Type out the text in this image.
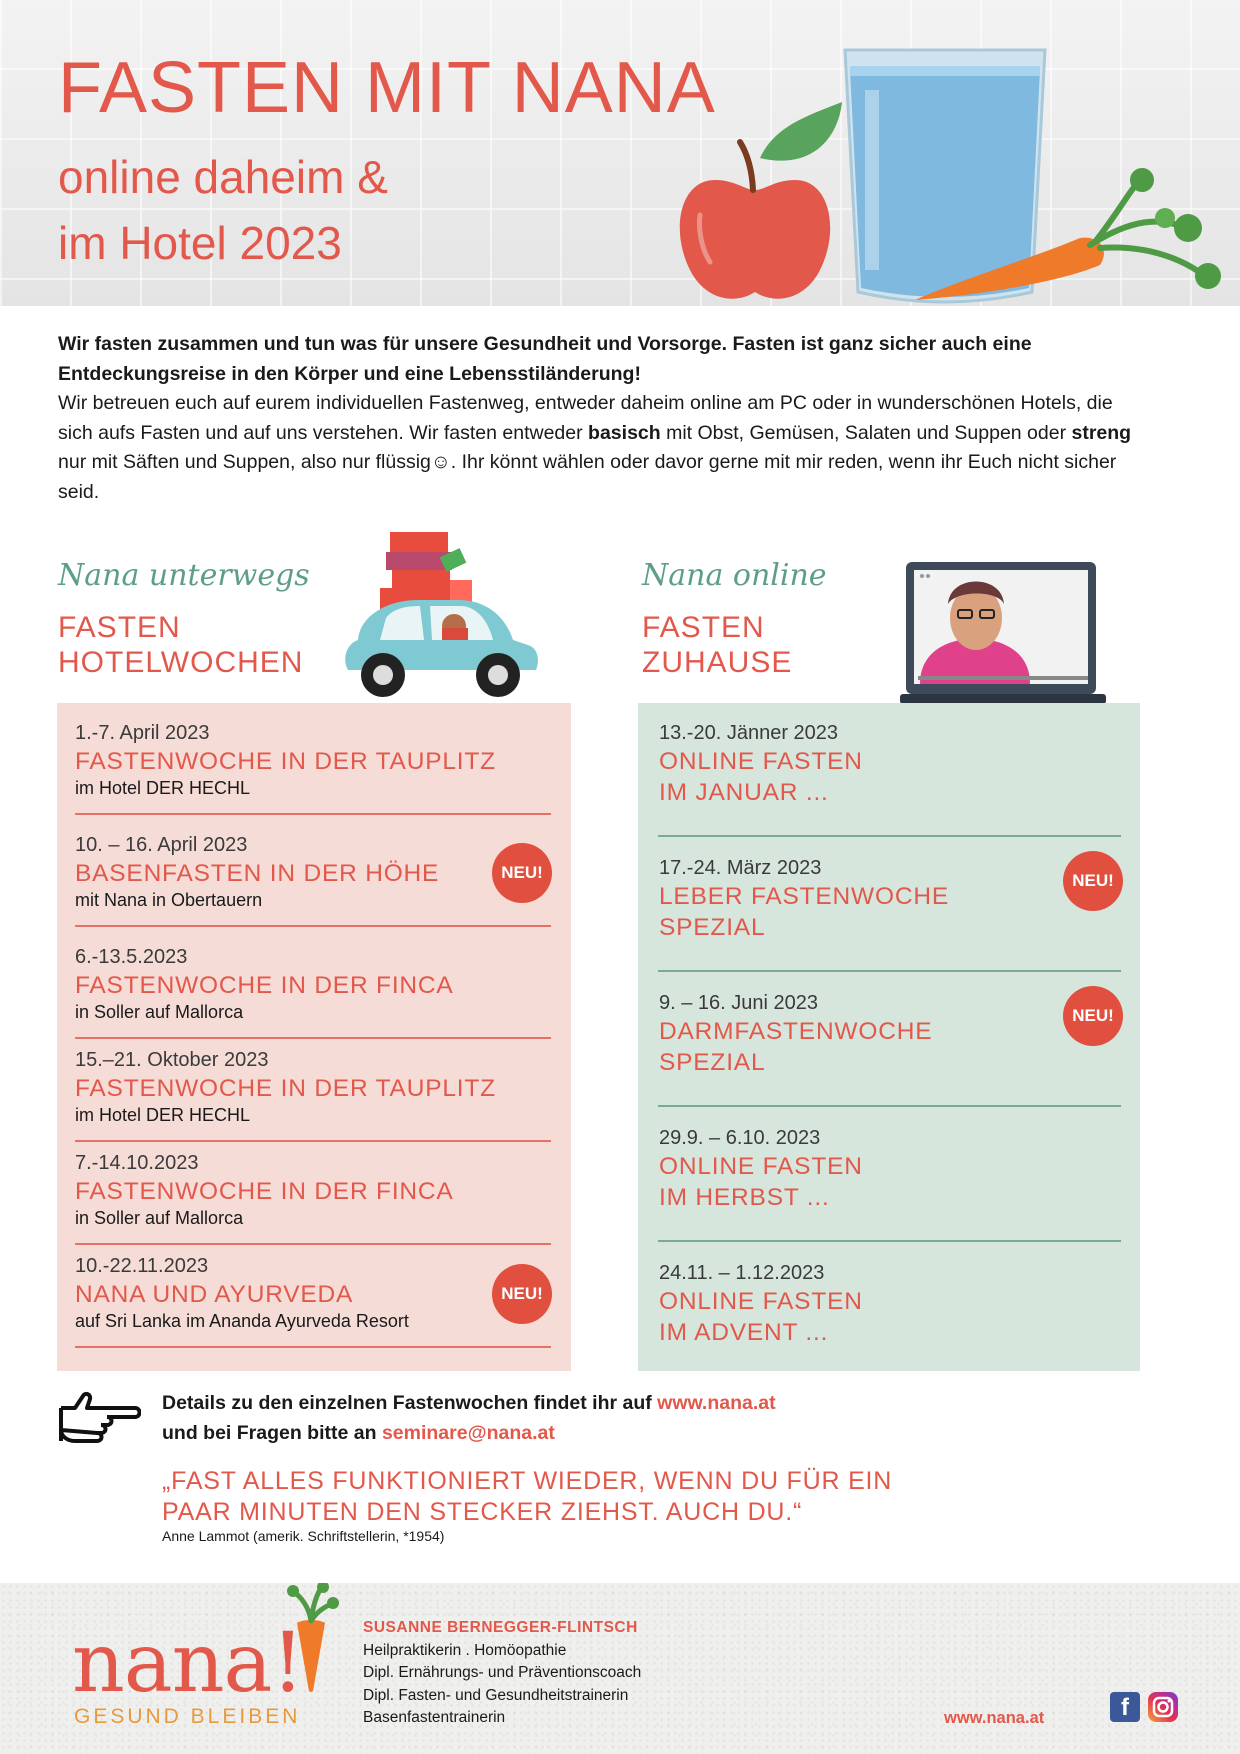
FASTEN MIT NANA
online daheim &
im Hotel 2023

Wir fasten zusammen und tun was für unsere Gesundheit und Vorsorge. Fasten ist ganz sicher auch eine Entdeckungsreise in den Körper und eine Lebensstiländerung!

Wir betreuen euch auf eurem individuellen Fastenweg, entweder daheim online am PC oder in wunderschönen Hotels, die sich aufs Fasten und auf uns verstehen. Wir fasten entweder basisch mit Obst, Gemüsen, Salaten und Suppen oder streng nur mit Säften und Suppen, also nur flüssig☺. Ihr könnt wählen oder davor gerne mit mir reden, wenn ihr Euch nicht sicher seid.

Nana unterwegs
FASTEN
HOTELWOCHEN
Nana online
FASTEN
ZUHAUSE
1.-7. April 2023
FASTENWOCHE IN DER TAUPLITZ
im Hotel DER HECHL
10. – 16. April 2023
BASENFASTEN IN DER HÖHE
mit Nana in Obertauern
NEU!
6.-13.5.2023
FASTENWOCHE IN DER FINCA
in Soller auf Mallorca
15.–21. Oktober 2023
FASTENWOCHE IN DER TAUPLITZ
im Hotel DER HECHL
7.-14.10.2023
FASTENWOCHE IN DER FINCA
in Soller auf Mallorca
10.-22.11.2023
NANA UND AYURVEDA
auf Sri Lanka im Ananda Ayurveda Resort
NEU!
13.-20. Jänner 2023
ONLINE FASTEN
IM JANUAR ...
17.-24. März 2023
LEBER FASTENWOCHE
SPEZIAL
NEU!
9. – 16. Juni 2023
DARMFASTENWOCHE
SPEZIAL
NEU!
29.9. – 6.10. 2023
ONLINE FASTEN
IM HERBST ...
24.11. – 1.12.2023
ONLINE FASTEN
IM ADVENT ...
Details zu den einzelnen Fastenwochen findet ihr auf www.nana.at
und bei Fragen bitte an seminare@nana.at
„FAST ALLES FUNKTIONIERT WIEDER, WENN DU FÜR EIN
PAAR MINUTEN DEN STECKER ZIEHST. AUCH DU.“
Anne Lammot (amerik. Schriftstellerin, *1954)
nana!
GESUND BLEIBEN
SUSANNE BERNEGGER-FLINTSCH
Heilpraktikerin . Homöopathie
Dipl. Ernährungs- und Präventionscoach
Dipl. Fasten- und Gesundheitstrainerin
Basenfastentrainerin	www.nana.at	f
